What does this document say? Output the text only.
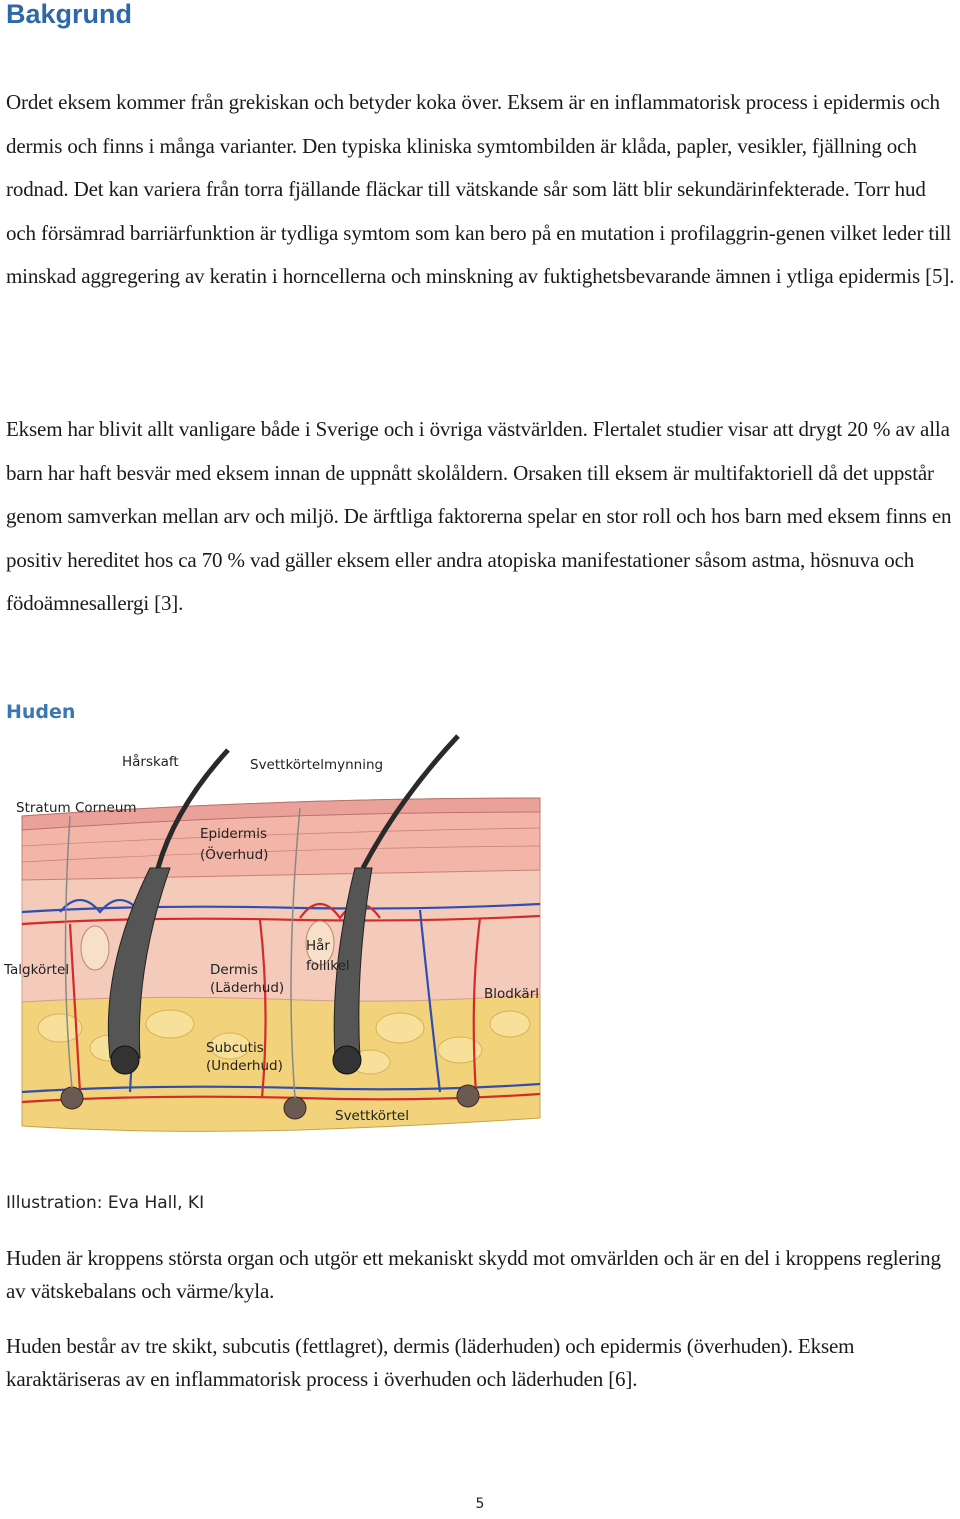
Bakgrund

Ordet eksem kommer från grekiskan och betyder koka över. Eksem är en inflammatorisk process i epidermis och dermis och finns i många varianter. Den typiska kliniska symtombilden är klåda, papler, vesikler, fjällning och rodnad. Det kan variera från torra fjällande fläckar till vätskande sår som lätt blir sekundärinfekterade. Torr hud och försämrad barriärfunktion är tydliga symtom som kan bero på en mutation i profilaggrin-genen vilket leder till minskad aggregering av keratin i horncellerna och minskning av fuktighetsbevarande ämnen i ytliga epidermis [5].

Eksem har blivit allt vanligare både i Sverige och i övriga västvärlden. Flertalet studier visar att drygt 20 % av alla barn har haft besvär med eksem innan de uppnått skolåldern. Orsaken till eksem är multifaktoriell då det uppstår genom samverkan mellan arv och miljö. De ärftliga faktorerna spelar en stor roll och hos barn med eksem finns en positiv hereditet hos ca 70 % vad gäller eksem eller andra atopiska manifestationer såsom astma, hösnuva och födoämnesallergi [3].

Huden
Hårskaft	Svettkörtelmynning
Stratum Corneum
Epidermis
(Överhud)
Hår
follikel
Talgkörtel	Dermis
(Läderhud)	Blodkärl
Subcutis
(Underhud)
Svettkörtel

Illustration: Eva Hall, KI

Huden är kroppens största organ och utgör ett mekaniskt skydd mot omvärlden och är en del i kroppens reglering av vätskebalans och värme/kyla.

Huden består av tre skikt, subcutis (fettlagret), dermis (läderhuden) och epidermis (överhuden). Eksem karaktäriseras av en inflammatorisk process i överhuden och läderhuden [6].

5
